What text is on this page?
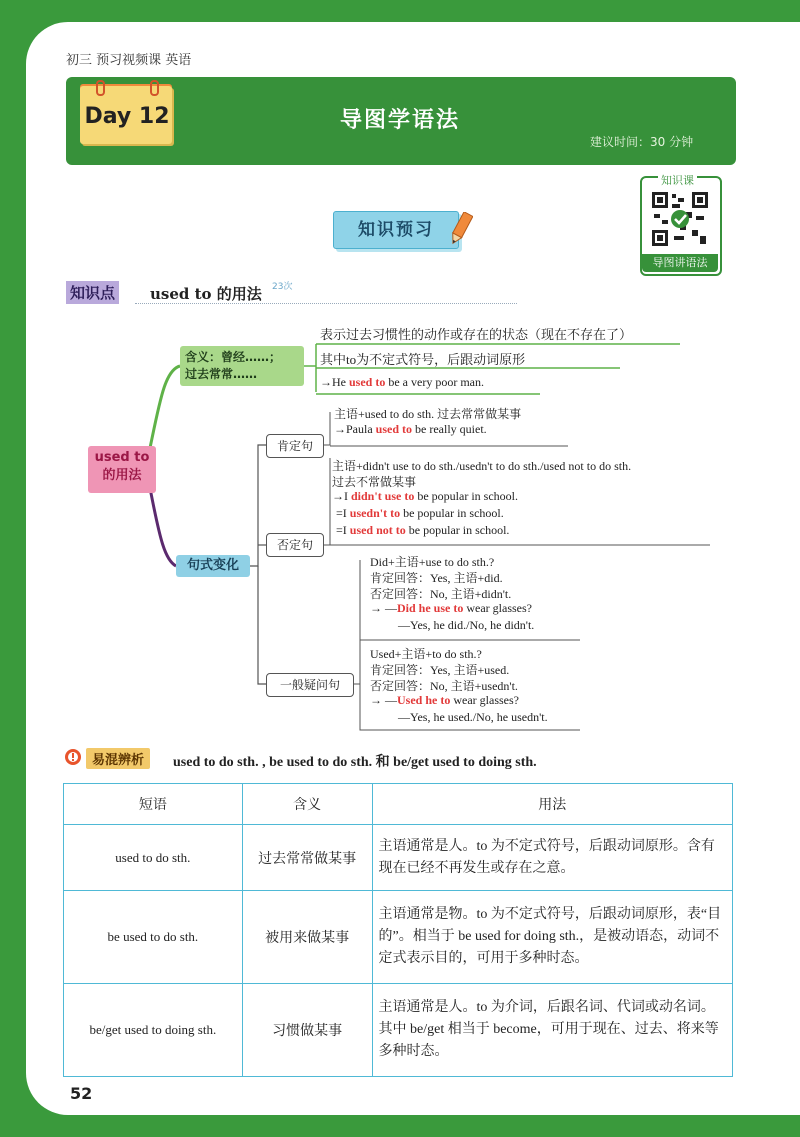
初三 预习视频课 英语
Day 12	导图学语法
建议时间：30 分钟
知识课
导图讲语法
知识预习
知识点 used to 的用法 23次
used to
的用法
含义：曾经……；
过去常常……
表示过去习惯性的动作或存在的状态（现在不存在了）
其中to为不定式符号，后跟动词原形
→He used to be a very poor man.
句式变化
肯定句
主语+used to do sth. 过去常常做某事
→Paula used to be really quiet.
否定句
主语+didn't use to do sth./usedn't to do sth./used not to do sth.
过去不常做某事
→I didn't use to be popular in school.
=I usedn't to be popular in school.
=I used not to be popular in school.
一般疑问句
Did+主语+use to do sth.?
肯定回答：Yes, 主语+did.
否定回答：No, 主语+didn't.
→ —Did he use to wear glasses?
—Yes, he did./No, he didn't.
Used+主语+to do sth.?
肯定回答：Yes, 主语+used.
否定回答：No, 主语+usedn't.
→ —Used he to wear glasses?
—Yes, he used./No, he usedn't.
易混辨析	used to do sth. , be used to do sth. 和 be/get used to doing sth.
短语	含义	用法
used to do sth.	过去常常做某事	主语通常是人。to 为不定式符号，后跟动词原形。含有现在已经不再发生或存在之意。
be used to do sth.	被用来做某事	主语通常是物。to 为不定式符号，后跟动词原形，表“目的”。相当于 be used for doing sth.，是被动语态，动词不定式表示目的，可用于多种时态。
be/get used to doing sth.	习惯做某事	主语通常是人。to 为介词，后跟名词、代词或动名词。其中 be/get 相当于 become，可用于现在、过去、将来等多种时态。
52
